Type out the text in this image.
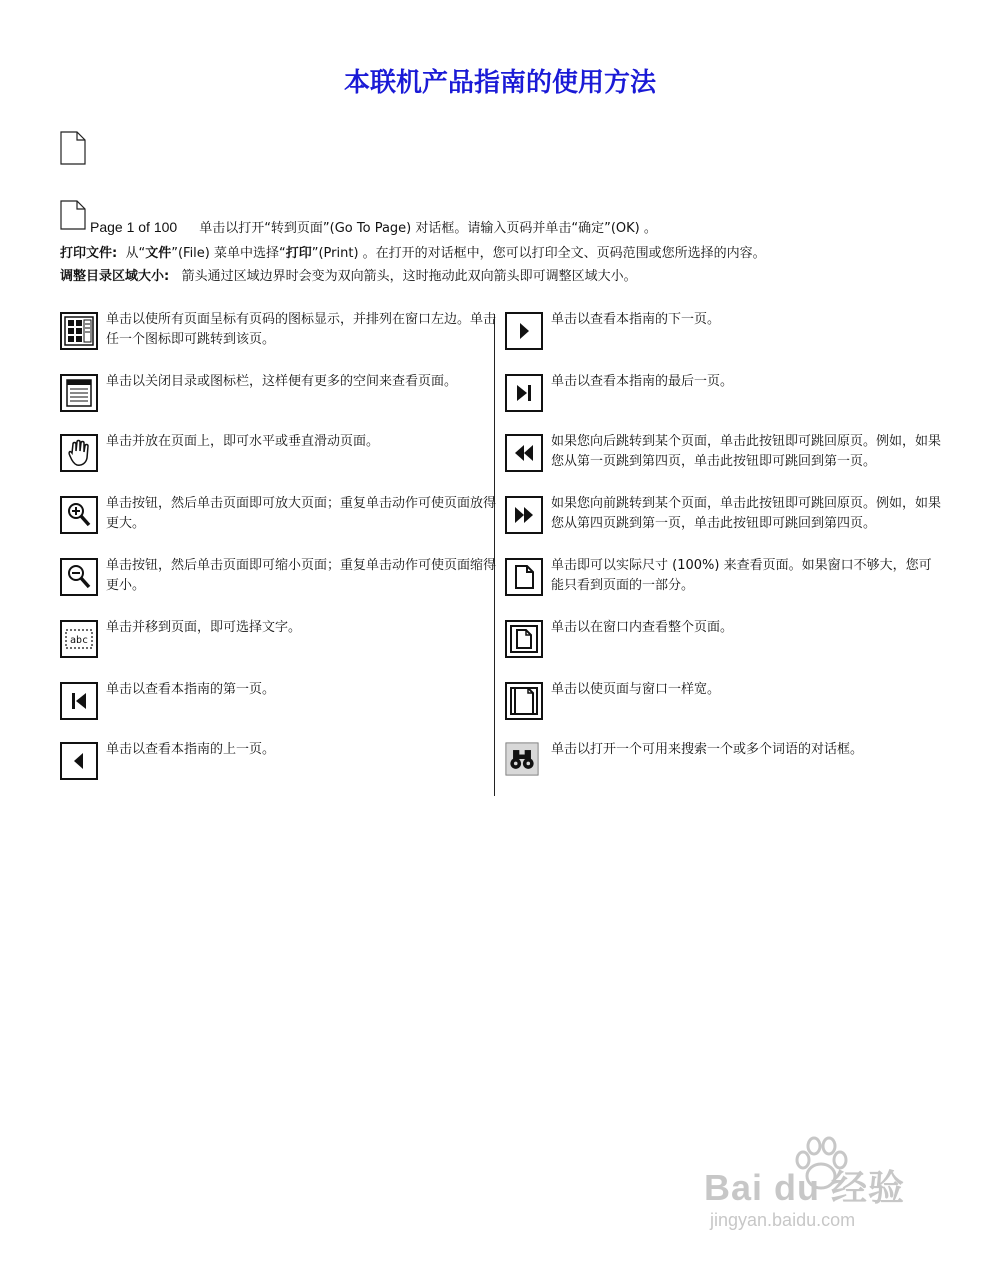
本联机产品指南的使用方法
Page 1 of 100 单击以打开“转到页面”(Go To Page) 对话框。请输入页码并单击“确定”(OK) 。
打印文件: 从“文件”(File) 菜单中选择“打印”(Print) 。在打开的对话框中，您可以打印全文、页码范围或您所选择的内容。
调整目录区域大小: 箭头通过区域边界时会变为双向箭头，这时拖动此双向箭头即可调整区域大小。
单击以使所有页面呈标有页码的图标显示，并排列在窗口左边。单击任一个图标即可跳转到该页。
单击以关闭目录或图标栏，这样便有更多的空间来查看页面。
单击并放在页面上，即可水平或垂直滑动页面。
单击按钮，然后单击页面即可放大页面；重复单击动作可使页面放得更大。
单击按钮，然后单击页面即可缩小页面；重复单击动作可使页面缩得更小。
abc
单击并移到页面，即可选择文字。
单击以查看本指南的第一页。
单击以查看本指南的上一页。
单击以查看本指南的下一页。
单击以查看本指南的最后一页。
如果您向后跳转到某个页面，单击此按钮即可跳回原页。例如，如果您从第一页跳到第四页，单击此按钮即可跳回到第一页。
如果您向前跳转到某个页面，单击此按钮即可跳回原页。例如，如果您从第四页跳到第一页，单击此按钮即可跳回到第四页。
单击即可以实际尺寸 (100%) 来查看页面。如果窗口不够大，您可能只看到页面的一部分。
单击以在窗口内查看整个页面。
单击以使页面与窗口一样宽。
单击以打开一个可用来搜索一个或多个词语的对话框。
Bai du 经验
jingyan.baidu.com
